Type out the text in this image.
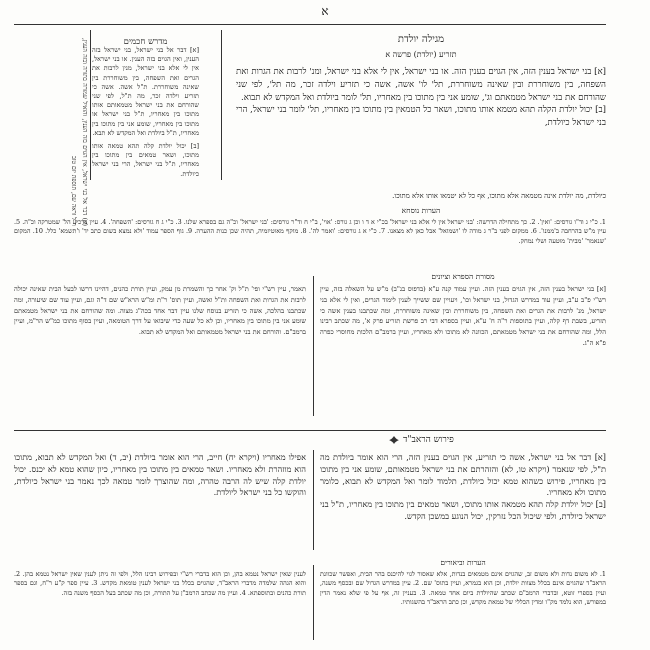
א
(א) דבר אל בני ישראל, אין הגוים בזה הענין, והואיל שמורה בתורה ובזה הענין, ר"ל וראה שם, תוספת יום טוב
מדרש חכמים

[א] דבר אל בני ישראל, בני ישראל בזה הענין, ואין הגוים בזה הענין. או בני ישראל, אין לי אלא בני ישראל, מנין לרבות את הגרים ואת השפחה, בין משוחררת בין שאינה משוחררת. ת"ל אשה. אשה כי תזריע וילדה זכר, מה ת"ל, לפי שני שהורחם את בני ישראל מטמאותם אותו מתוכו בין מאחריו, ת"ל בני ישראל או מתוכו בין מאחריו, שומע אני בין מתוכו בין מאחריו, ת"ל ביולדת ואל המקדש לא תבא.

[ב] יכול יולדת קלה תהא טמאה אותו מתוכו, ושאר טמאים בין מתוכו בין מאחריו, ת"ל בני ישראל, הרי בני ישראל כיולדת.

מגילה יולדת
תזריע (יולדת) פרשה א

[א] בני ישראל בענין הזה, אין הגוים בענין הזה. או בני ישראל, אין לי אלא בני ישראל, ומנ' לרבות את הגרות ואת השפחה, בין משוחררת ובין שאינה משוחררת, תל' לו' אשה, אשה כי תזריע וילדה זכר, מה תל', לפי שני שהורחם את בני ישראל מטמאתם וג', שומע אני בין מתוכו בין מאחריו, תל' לומר ביולדת ואל המקדש לא תבוא.

[ב] יכול יולדת הקלה תהא מטמא אותו מתוכו, ושאר כל הטמאין בין מתוכו בין מאחריו, תל' לומר בני ישראל, הרי בני ישראל כיולדת,

כיולדת, מה יולדת אינה מטמאה אלא מתוכו, אף כל לא יטמאו אותו אלא מתוכו.
הערות נוסחא
1. כ"י ג וד"ו גורסים: 'ואין'. 2. כך מתחילה הדרשה: 'בני ישראל אין לי אלא בני ישראל' בכ"י א ד ו וכן ג גורס: 'אוי', ב"י ח וד"ר גורסים: 'בני ישראל' וכ"ה גם בספרא שלנו. 3. כ"י ג ח גורסים: 'השפחה'. 4. עיין ברכיע הל' שמטרקה וכ"ה. 5. עיין מ"ש בהרחבה ב'ממנו'. 6. ממקום לפני ב"ר ג מודה לו 'ושמואל' אבל כאן לא מצאנו. 7. כ"י א ג גורסים: 'ואמר לה'. 8. מוקף מאוטיזמיה, תהיה שכן כנות ההערה. 9. גוף הספר עמוד 'ולא נמצא בשום כתב יד' ו'תשמא' כלל. 10. המקום 'שנאמר' 'מבית' מוטעה ושלי נמחק.
מסורת הספרא וציונים

[א] בני ישראל בענין הזה, אין הגוים בענין הזה. ועיין עמוד קנה ע"א (בדפוס בנ"ב) מ"ש על השאלה בזה, עיין רש"י פ"ב ע"ב, ועיין עוד במדרש הגדול, בני ישראל וכו', ויעויין שם ששייך לענין לימוד הגרים, ואין לי אלא בני ישראל, מנ' לרבות את הגרים ואת השפחה, בין משוחררת ובין שאינה משוחררת, ומה שכתבנו בענין אשה כי תזריע, בשבת דף קלה, ועיין בתוספות ר"ה ח' ע"א, ועיין בספרא דבי רב פרשת תזריע פרק א', מה שכתב רבינו הלל, ומה שהורחם את בני ישראל מטמאתם, הכוונה לא מתוכו ולא מאחריו, ועיין ברמב"ם הלכות מחוסרי כפרה פ"א ה"ג.

תאמר, עיין רש"י ופי' ת"ל וק' אחר כך והשמרת מן עמק, ועיין תורת כהנים, דהיינו דרשו לבעל הבית שאינה יכולה לרבות את הגרות ואת השפחה ות"ל ואשה, ועיין תוס' ר"ת ומ"ש הרא"ש שם ד"ה וגם, ועיין עוד שם שיעורה, ומה שכתבנו בהלכה, אשה כי תזריע בנוסח שלנו עיין דבר אחד בכה"ג מצוה. ומה שהורחם את בני ישראל מטמאתם שומע אני בין מתוכו בין מאחריו, וכן לא כל שעה כדי שיבואו על דרך הטומאה, ועיין בסוף מתוכו כמ"ש הר"מ, ועיין ברמב"ם. והורחם את בני ישראל מטמאותם ואל המקדש לא תבוא.

פירוש הראב"ד

[א] דבר אל בני ישראל, אשה כי תזריע, אין הגוים בענין הזה, הרי הוא אומר ביולדת מה ת"ל, לפי שנאמר (ויקרא טו, לא) והזהרתם את בני ישראל מטמאותם, שומע אני בין מתוכו בין מאחריו, פירוש כשהוא טמא יכול כיולדת, תלמוד לומר ואל המקדש לא תבוא, כלומר מתוכו ולא מאחריו.

[ב] יכול יולדת קלה תהא מטמאה אותו מתוכו, ושאר טמאים בין מתוכו בין מאחריו, ת"ל בני ישראל כיולדת, ולפי שיכול הכל נזרקין, יכול הנוגע במשכן הקדש.

אפילו מאחריו (ויקרא יח) חייב, הרי הוא אומר ביולדת (יב, ד) ואל המקדש לא תבוא, מתוכו הוא מוזהרת ולא מאחריו. ושאר טמאים בין מתוכו בין מאחריו, כיון שהוא טמא לא יכנס. יכול יולדת קלה שיש לה הרבה טהרה, ומה שהוצרך לומר טמאה לכך נאמר בני ישראל כיולדת, והוקשו כל בני ישראל ליולדת.

הערות וביאורים

1. לא משום נדות ולא משום זב, שהגוים אינם מטמאים בנדות, אלא שאסור לגוי להיכנס בהר הבית, ואפשר שכוונת הראב"ד שהגוים אינם בכלל מצוות יולדת, וכן הוא בגמרא, ועיין בתוס' שם. 2. עיין במדרש הגדול שם ובכסף משנה, ועיין בספרי זוטא, ובדברי הרמב"ם שכתב שהיולדת ביום אחד טמאה. 3. בעניין זה, אף על פי שלא נאמר הדין במפורש, הוא נלמד מק"ו ומדין הכללי של טמאת מקדש, וכן כתב הראב"ד בהשגותיו.

לענין שאין ישראל נטמא בהן, וכן הוא בדברי רש"י ובפירוש רבינו הלל, ולפי זה ניתן לענין שאין ישראל נטמא בהן. 2. והוא הגהה שלמדה מדברי הראב"ד, שהגוים בכלל בני ישראל לענין טומאת מקדש. 3. עיין ספר ק"ע ר"ח, וגם בספר תורת כהנים ובתוספתא. 4. ועיין מה שכתב הרמב"ן על התורה, וכן מה שכתב בעל הכסף משנה בזה.
